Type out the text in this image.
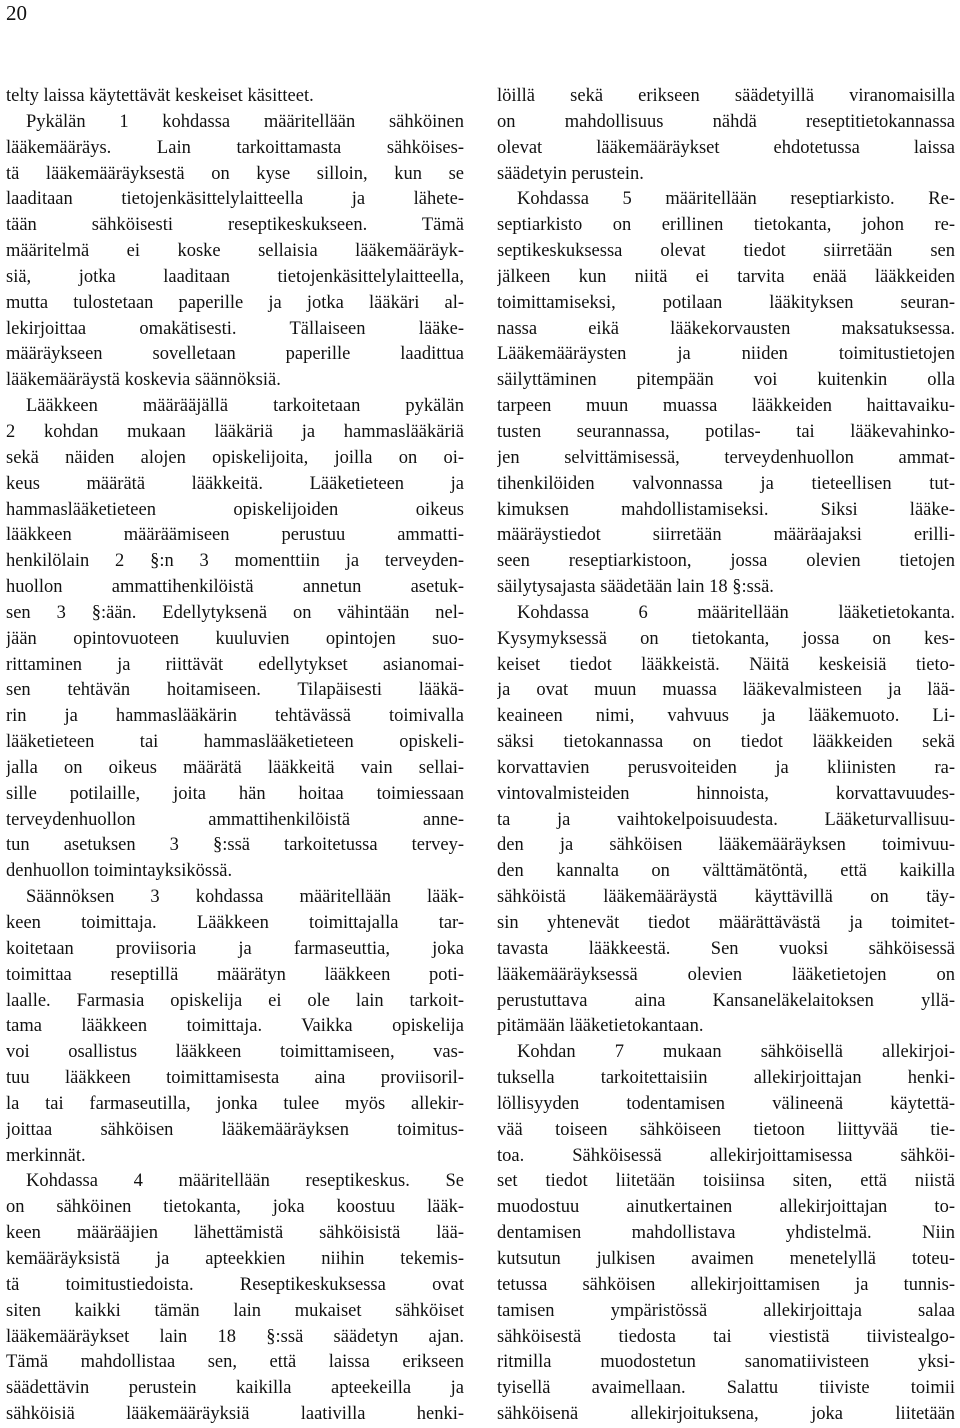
20
telty laissa käytettävät keskeiset käsitteet.
Pykälän 1 kohdassa määritellään sähköinen
lääkemääräys. Lain tarkoittamasta sähköises-
tä lääkemääräyksestä on kyse silloin, kun se
laaditaan tietojenkäsittelylaitteella ja lähete-
tään sähköisesti reseptikeskukseen. Tämä
määritelmä ei koske sellaisia lääkemääräyk-
siä, jotka laaditaan tietojenkäsittelylaitteella,
mutta tulostetaan paperille ja jotka lääkäri al-
lekirjoittaa omakätisesti. Tällaiseen lääke-
määräykseen sovelletaan paperille laadittua
lääkemääräystä koskevia säännöksiä.
Lääkkeen määrääjällä tarkoitetaan pykälän
2 kohdan mukaan lääkäriä ja hammaslääkäriä
sekä näiden alojen opiskelijoita, joilla on oi-
keus määrätä lääkkeitä. Lääketieteen ja
hammaslääketieteen opiskelijoiden oikeus
lääkkeen määräämiseen perustuu ammatti-
henkilölain 2 §:n 3 momenttiin ja terveyden-
huollon ammattihenkilöistä annetun asetuk-
sen 3 §:ään. Edellytyksenä on vähintään nel-
jään opintovuoteen kuuluvien opintojen suo-
rittaminen ja riittävät edellytykset asianomai-
sen tehtävän hoitamiseen. Tilapäisesti lääkä-
rin ja hammaslääkärin tehtävässä toimivalla
lääketieteen tai hammaslääketieteen opiskeli-
jalla on oikeus määrätä lääkkeitä vain sellai-
sille potilaille, joita hän hoitaa toimiessaan
terveydenhuollon ammattihenkilöistä anne-
tun asetuksen 3 §:ssä tarkoitetussa tervey-
denhuollon toimintayksikössä.
Säännöksen 3 kohdassa määritellään lääk-
keen toimittaja. Lääkkeen toimittajalla tar-
koitetaan proviisoria ja farmaseuttia, joka
toimittaa reseptillä määrätyn lääkkeen poti-
laalle. Farmasia opiskelija ei ole lain tarkoit-
tama lääkkeen toimittaja. Vaikka opiskelija
voi osallistus lääkkeen toimittamiseen, vas-
tuu lääkkeen toimittamisesta aina proviisoril-
la tai farmaseutilla, jonka tulee myös allekir-
joittaa sähköisen lääkemääräyksen toimitus-
merkinnät.
Kohdassa 4 määritellään reseptikeskus. Se
on sähköinen tietokanta, joka koostuu lääk-
keen määrääjien lähettämistä sähköisistä lää-
kemääräyksistä ja apteekkien niihin tekemis-
tä toimitustiedoista. Reseptikeskuksessa ovat
siten kaikki tämän lain mukaiset sähköiset
lääkemääräykset lain 18 §:ssä säädetyn ajan.
Tämä mahdollistaa sen, että laissa erikseen
säädettävin perustein kaikilla apteekeilla ja
sähköisiä lääkemääräyksiä laativilla henki-
löillä sekä erikseen säädetyillä viranomaisilla
on mahdollisuus nähdä reseptitietokannassa
olevat lääkemääräykset ehdotetussa laissa
säädetyin perustein.
Kohdassa 5 määritellään reseptiarkisto. Re-
septiarkisto on erillinen tietokanta, johon re-
septikeskuksessa olevat tiedot siirretään sen
jälkeen kun niitä ei tarvita enää lääkkeiden
toimittamiseksi, potilaan lääkityksen seuran-
nassa eikä lääkekorvausten maksatuksessa.
Lääkemääräysten ja niiden toimitustietojen
säilyttäminen pitempään voi kuitenkin olla
tarpeen muun muassa lääkkeiden haittavaiku-
tusten seurannassa, potilas- tai lääkevahinko-
jen selvittämisessä, terveydenhuollon ammat-
tihenkilöiden valvonnassa ja tieteellisen tut-
kimuksen mahdollistamiseksi. Siksi lääke-
määräystiedot siirretään määräajaksi erilli-
seen reseptiarkistoon, jossa olevien tietojen
säilytysajasta säädetään lain 18 §:ssä.
Kohdassa 6 määritellään lääketietokanta.
Kysymyksessä on tietokanta, jossa on kes-
keiset tiedot lääkkeistä. Näitä keskeisiä tieto-
ja ovat muun muassa lääkevalmisteen ja lää-
keaineen nimi, vahvuus ja lääkemuoto. Li-
säksi tietokannassa on tiedot lääkkeiden sekä
korvattavien perusvoiteiden ja kliinisten ra-
vintovalmisteiden hinnoista, korvattavuudes-
ta ja vaihtokelpoisuudesta. Lääketurvallisuu-
den ja sähköisen lääkemääräyksen toimivuu-
den kannalta on välttämätöntä, että kaikilla
sähköistä lääkemääräystä käyttävillä on täy-
sin yhtenevät tiedot määrättävästä ja toimitet-
tavasta lääkkeestä. Sen vuoksi sähköisessä
lääkemääräyksessä olevien lääketietojen on
perustuttava aina Kansaneläkelaitoksen yllä-
pitämään lääketietokantaan.
Kohdan 7 mukaan sähköisellä allekirjoi-
tuksella tarkoitettaisiin allekirjoittajan henki-
löllisyyden todentamisen välineenä käytettä-
vää toiseen sähköiseen tietoon liittyvää tie-
toa. Sähköisessä allekirjoittamisessa sähköi-
set tiedot liitetään toisiinsa siten, että niistä
muodostuu ainutkertainen allekirjoittajan to-
dentamisen mahdollistava yhdistelmä. Niin
kutsutun julkisen avaimen menetelyllä toteu-
tetussa sähköisen allekirjoittamisen ja tunnis-
tamisen ympäristössä allekirjoittaja salaa
sähköisestä tiedosta tai viestistä tiivistealgo-
ritmilla muodostetun sanomatiivisteen yksi-
tyisellä avaimellaan. Salattu tiiviste toimii
sähköisenä allekirjoituksena, joka liitetään
